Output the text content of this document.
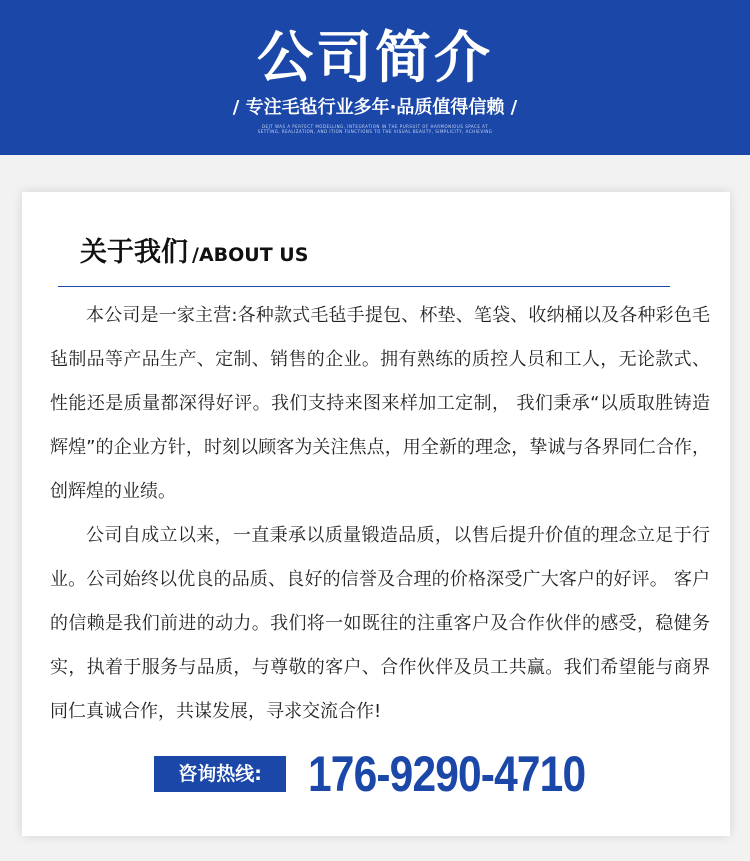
公司简介
/ 专注毛毡行业多年·品质值得信赖 /
DEJT WAS A PERFECT MODELLING, INTEGRATION IN THE PURSUIT OF HARMONIOUS SPACE AT SETTING, REALIZATION, AND ITION FUNCTIONS TO THE VISUAL BEAUTY, SIMPLICITY, ACHIEVING
关于我们 /ABOUT US

本公司是一家主营:各种款式毛毡手提包、杯垫、笔袋、收纳桶以及各种彩色毛毡制品等产品生产、定制、销售的企业。拥有熟练的质控人员和工人，无论款式、性能还是质量都深得好评。我们支持来图来样加工定制， 我们秉承“以质取胜铸造辉煌”的企业方针，时刻以顾客为关注焦点，用全新的理念，挚诚与各界同仁合作，创辉煌的业绩。

公司自成立以来，一直秉承以质量锻造品质，以售后提升价值的理念立足于行业。公司始终以优良的品质、良好的信誉及合理的价格深受广大客户的好评。 客户的信赖是我们前进的动力。我们将一如既往的注重客户及合作伙伴的感受，稳健务实，执着于服务与品质，与尊敬的客户、合作伙伴及员工共赢。我们希望能与商界同仁真诚合作，共谋发展，寻求交流合作!

咨询热线: 176-9290-4710
